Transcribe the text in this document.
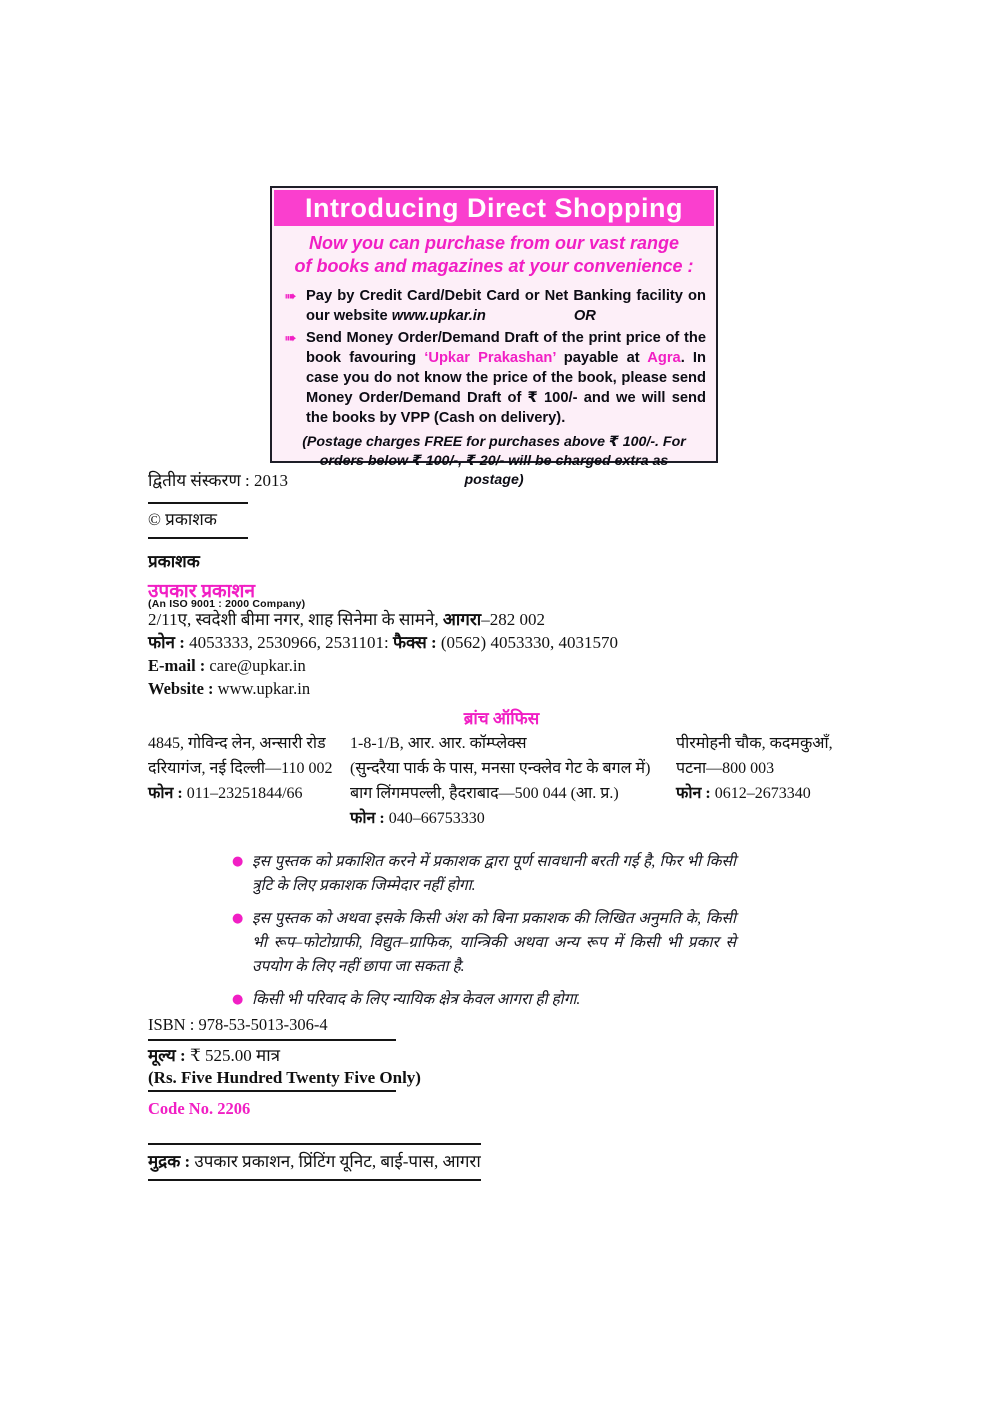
Introducing Direct Shopping
Now you can purchase from our vast range
of books and magazines at your convenience :
➠ Pay by Credit Card/Debit Card or Net Banking facility on our website www.upkar.in	OR
➠ Send Money Order/Demand Draft of the print price of the book favouring ‘Upkar Prakashan’ payable at Agra. In case you do not know the price of the book, please send Money Order/Demand Draft of ₹ 100/- and we will send the books by VPP (Cash on delivery).
(Postage charges FREE for purchases above ₹ 100/-. For orders below ₹ 100/-, ₹ 20/- will be charged extra as postage)
द्वितीय संस्करण : 2013
© प्रकाशक
प्रकाशक
उपकार प्रकाशन
(An ISO 9001 : 2000 Company)
2/11ए, स्वदेशी बीमा नगर, शाह सिनेमा के सामने, आगरा–282 002
फोन : 4053333, 2530966, 2531101: फैक्स : (0562) 4053330, 4031570
E-mail : care@upkar.in
Website : www.upkar.in
ब्रांच ऑफिस
4845, गोविन्द लेन, अन्सारी रोड
दरियागंज, नई दिल्ली—110 002
फोन : 011–23251844/66
1-8-1/B, आर. आर. कॉम्प्लेक्स
(सुन्दरैया पार्क के पास, मनसा एन्क्लेव गेट के बगल में)
बाग लिंगमपल्ली, हैदराबाद—500 044 (आ. प्र.)
फोन : 040–66753330
पीरमोहनी चौक, कदमकुआँ,
पटना—800 003
फोन : 0612–2673340
● इस पुस्तक को प्रकाशित करने में प्रकाशक द्वारा पूर्ण सावधानी बरती गई है, फिर भी किसी त्रुटि के लिए प्रकाशक जिम्मेदार नहीं होगा.
● इस पुस्तक को अथवा इसके किसी अंश को बिना प्रकाशक की लिखित अनुमति के, किसी भी रूप–फोटोग्राफी, विद्युत–ग्राफिक, यान्त्रिकी अथवा अन्य रूप में किसी भी प्रकार से उपयोग के लिए नहीं छापा जा सकता है.
● किसी भी परिवाद के लिए न्यायिक क्षेत्र केवल आगरा ही होगा.
ISBN : 978-53-5013-306-4
मूल्य : ₹ 525.00 मात्र
(Rs. Five Hundred Twenty Five Only)
Code No. 2206
मुद्रक : उपकार प्रकाशन, प्रिंटिंग यूनिट, बाई-पास, आगरा
